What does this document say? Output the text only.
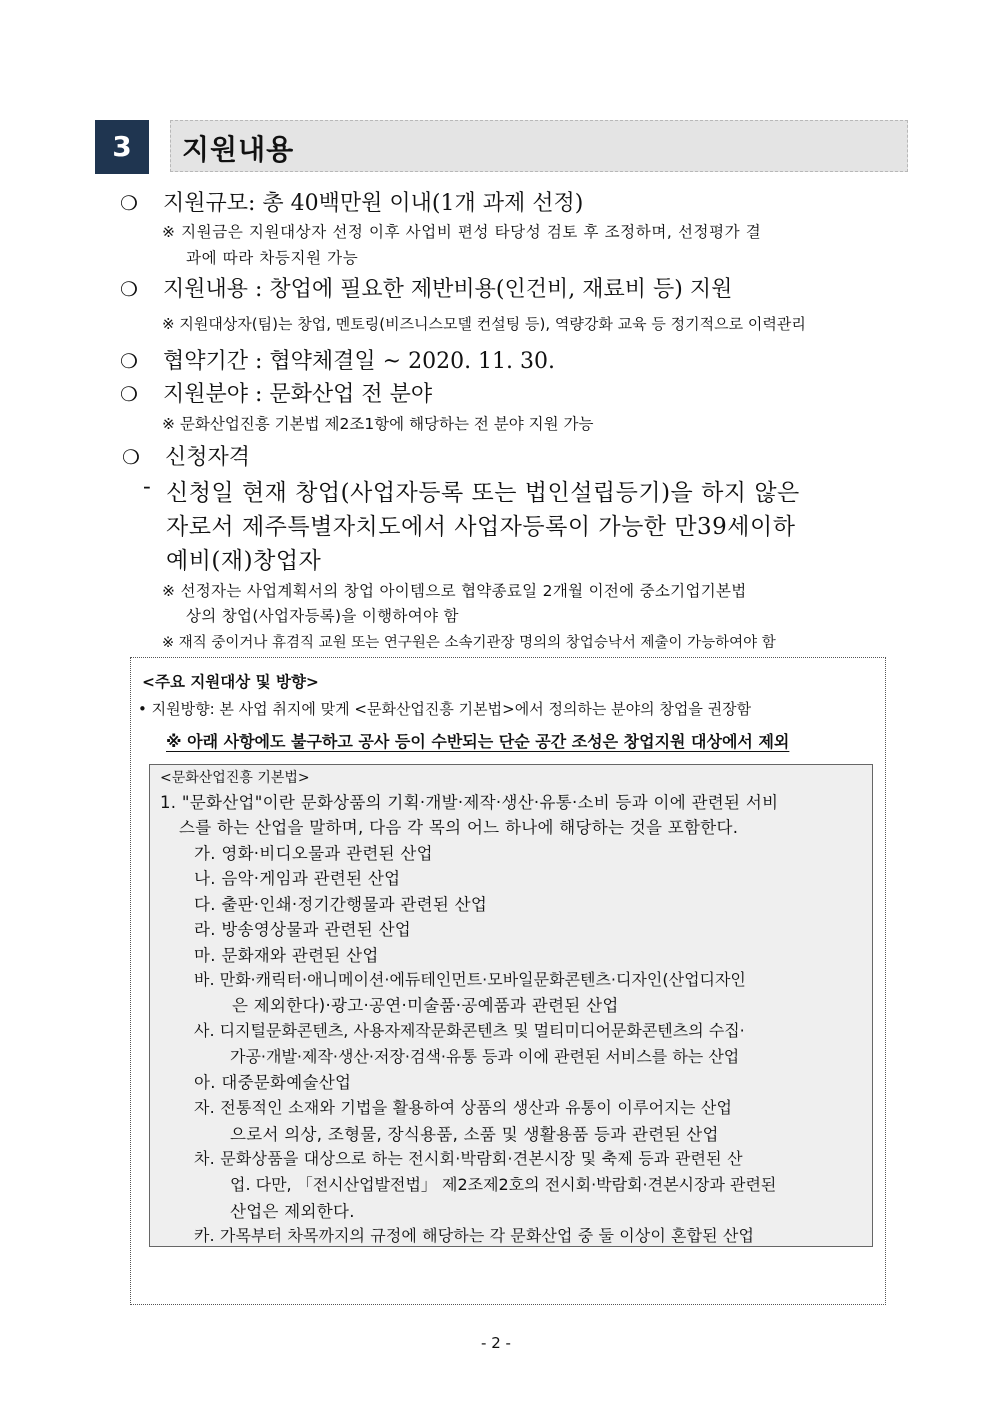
3	지원내용
❍ 지원규모: 총 40백만원 이내(1개 과제 선정)
※ 지원금은 지원대상자 선정 이후 사업비 편성 타당성 검토 후 조정하며, 선정평가 결
과에 따라 차등지원 가능
❍ 지원내용 : 창업에 필요한 제반비용(인건비, 재료비 등) 지원
※ 지원대상자(팀)는 창업, 멘토링(비즈니스모델 컨설팅 등), 역량강화 교육 등 정기적으로 이력관리
❍ 협약기간 : 협약체결일 ~ 2020. 11. 30.
❍ 지원분야 : 문화산업 전 분야
※ 문화산업진흥 기본법 제2조1항에 해당하는 전 분야 지원 가능
❍ 신청자격
- 신청일 현재 창업(사업자등록 또는 법인설립등기)을 하지 않은
자로서 제주특별자치도에서 사업자등록이 가능한 만39세이하
예비(재)창업자
※ 선정자는 사업계획서의 창업 아이템으로 협약종료일 2개월 이전에 중소기업기본법
상의 창업(사업자등록)을 이행하여야 함
※ 재직 중이거나 휴겸직 교원 또는 연구원은 소속기관장 명의의 창업승낙서 제출이 가능하여야 함
<주요 지원대상 및 방향>
• 지원방향: 본 사업 취지에 맞게 <문화산업진흥 기본법>에서 정의하는 분야의 창업을 권장함
※ 아래 사항에도 불구하고 공사 등이 수반되는 단순 공간 조성은 창업지원 대상에서 제외
<문화산업진흥 기본법>
1. "문화산업"이란 문화상품의 기획·개발·제작·생산·유통·소비 등과 이에 관련된 서비
스를 하는 산업을 말하며, 다음 각 목의 어느 하나에 해당하는 것을 포함한다.
가. 영화·비디오물과 관련된 산업
나. 음악·게임과 관련된 산업
다. 출판·인쇄·정기간행물과 관련된 산업
라. 방송영상물과 관련된 산업
마. 문화재와 관련된 산업
바. 만화·캐릭터·애니메이션·에듀테인먼트·모바일문화콘텐츠·디자인(산업디자인
은 제외한다)·광고·공연·미술품·공예품과 관련된 산업
사. 디지털문화콘텐츠, 사용자제작문화콘텐츠 및 멀티미디어문화콘텐츠의 수집·
가공·개발·제작·생산·저장·검색·유통 등과 이에 관련된 서비스를 하는 산업
아. 대중문화예술산업
자. 전통적인 소재와 기법을 활용하여 상품의 생산과 유통이 이루어지는 산업
으로서 의상, 조형물, 장식용품, 소품 및 생활용품 등과 관련된 산업
차. 문화상품을 대상으로 하는 전시회·박람회·견본시장 및 축제 등과 관련된 산
업. 다만, 「전시산업발전법」 제2조제2호의 전시회·박람회·견본시장과 관련된
산업은 제외한다.
카. 가목부터 차목까지의 규정에 해당하는 각 문화산업 중 둘 이상이 혼합된 산업
- 2 -
